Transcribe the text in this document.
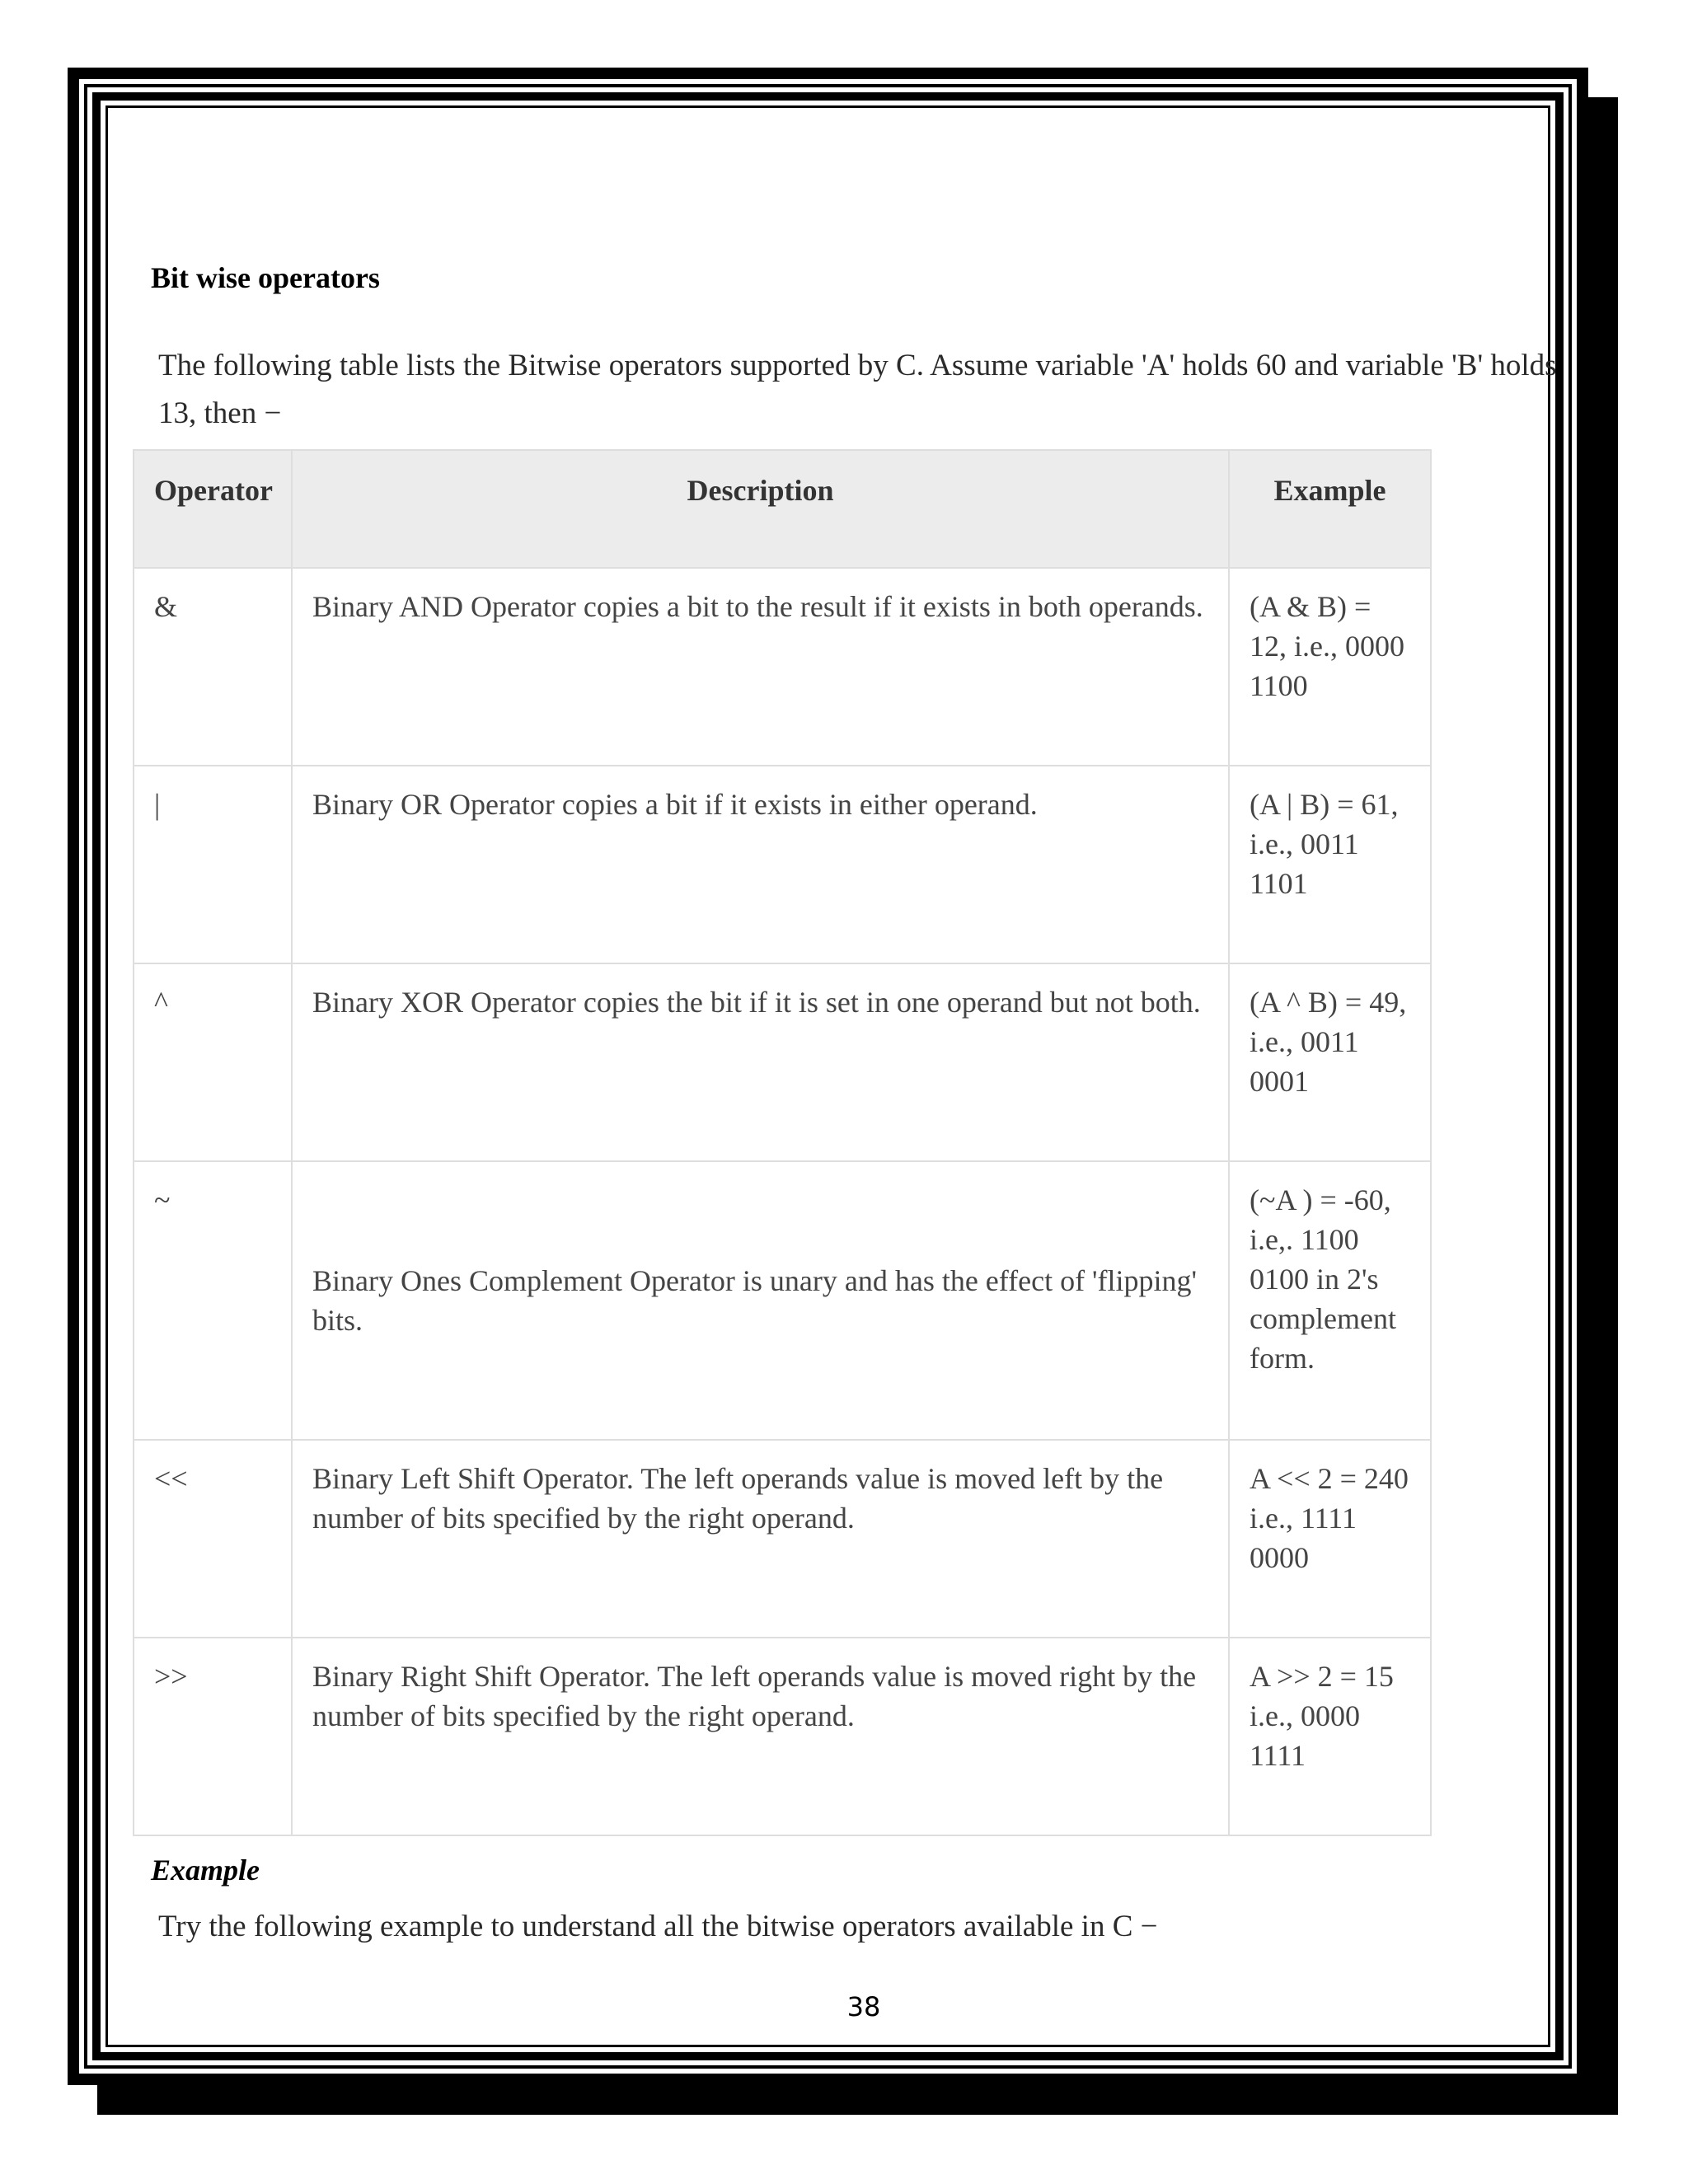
Bit wise operators
The following table lists the Bitwise operators supported by C. Assume variable 'A' holds 60 and variable 'B' holds 13, then −
Operator	Description	Example
&	Binary AND Operator copies a bit to the result if it exists in both operands.	(A & B) = 12, i.e., 0000 1100
|	Binary OR Operator copies a bit if it exists in either operand.	(A | B) = 61, i.e., 0011 1101
^	Binary XOR Operator copies the bit if it is set in one operand but not both.	(A ^ B) = 49, i.e., 0011 0001
~	Binary Ones Complement Operator is unary and has the effect of 'flipping' bits.	(~A ) = -60, i.e,. 1100 0100 in 2's complement form.
<<	Binary Left Shift Operator. The left operands value is moved left by the number of bits specified by the right operand.	A << 2 = 240 i.e., 1111 0000
>>	Binary Right Shift Operator. The left operands value is moved right by the number of bits specified by the right operand.	A >> 2 = 15 i.e., 0000 1111
Example
Try the following example to understand all the bitwise operators available in C −
38
